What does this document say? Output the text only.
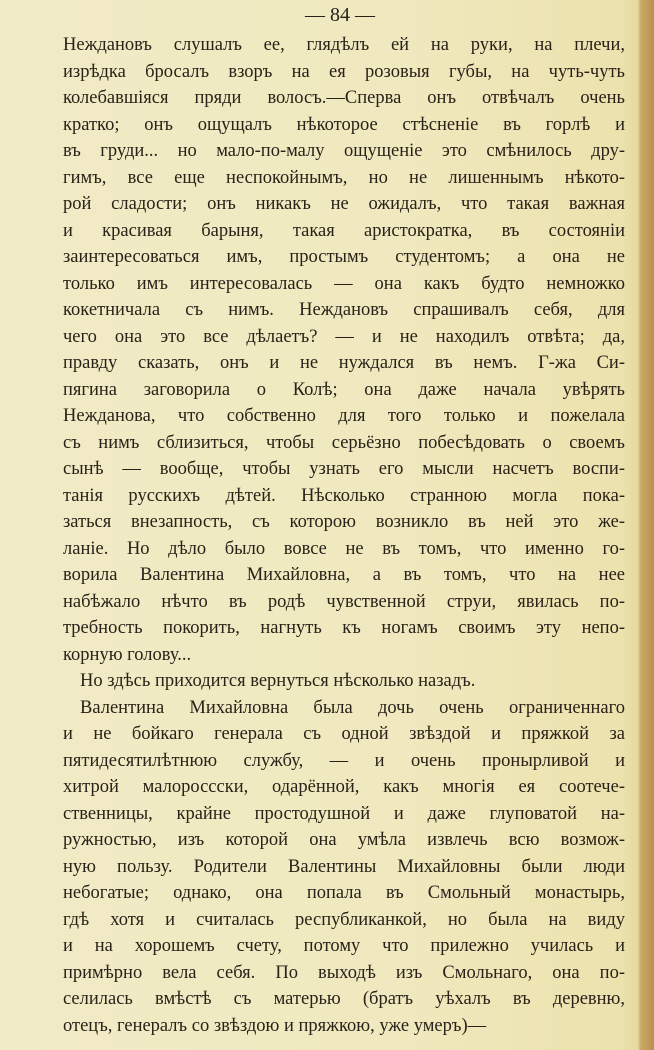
— 84 —
Неждановъ слушалъ ее, глядѣлъ ей на руки, на плечи,
изрѣдка бросалъ взоръ на ея розовыя губы, на чуть-чуть
колебавшіяся пряди волосъ.—Сперва онъ отвѣчалъ очень
кратко; онъ ощущалъ нѣкоторое стѣсненіе въ горлѣ и
въ груди... но мало-по-малу ощущеніе это смѣнилось дру-
гимъ, все еще неспокойнымъ, но не лишеннымъ нѣкото-
рой сладости; онъ никакъ не ожидалъ, что такая важная
и красивая барыня, такая аристократка, въ состояніи
заинтересоваться имъ, простымъ студентомъ; а она не
только имъ интересовалась — она какъ будто немножко
кокетничала съ нимъ. Неждановъ спрашивалъ себя, для
чего она это все дѣлаетъ? — и не находилъ отвѣта; да,
правду сказать, онъ и не нуждался въ немъ. Г-жа Си-
пягина заговорила о Колѣ; она даже начала увѣрять
Нежданова, что собственно для того только и пожелала
съ нимъ сблизиться, чтобы серьёзно побесѣдовать о своемъ
сынѣ — вообще, чтобы узнать его мысли насчетъ воспи-
танія русскихъ дѣтей. Нѣсколько странною могла пока-
заться внезапность, съ которою возникло въ ней это же-
ланіе. Но дѣло было вовсе не въ томъ, что именно го-
ворила Валентина Михайловна, а въ томъ, что на нее
набѣжало нѣчто въ родѣ чувственной струи, явилась по-
требность покорить, нагнуть къ ногамъ своимъ эту непо-
корную голову...
Но здѣсь приходится вернуться нѣсколько назадъ.
Валентина Михайловна была дочь очень ограниченнаго
и не бойкаго генерала съ одной звѣздой и пряжкой за
пятидесятилѣтнюю службу, — и очень пронырливой и
хитрой малороссски, одарённой, какъ многія ея соотече-
ственницы, крайне простодушной и даже глуповатой на-
ружностью, изъ которой она умѣла извлечь всю возмож-
ную пользу. Родители Валентины Михайловны были люди
небогатые; однако, она попала въ Смольный монастырь,
гдѣ хотя и считалась республиканкой, но была на виду
и на хорошемъ счету, потому что прилежно училась и
примѣрно вела себя. По выходѣ изъ Смольнаго, она по-
селилась вмѣстѣ съ матерью (братъ уѣхалъ въ деревню,
отецъ, генералъ со звѣздою и пряжкою, уже умеръ)—
